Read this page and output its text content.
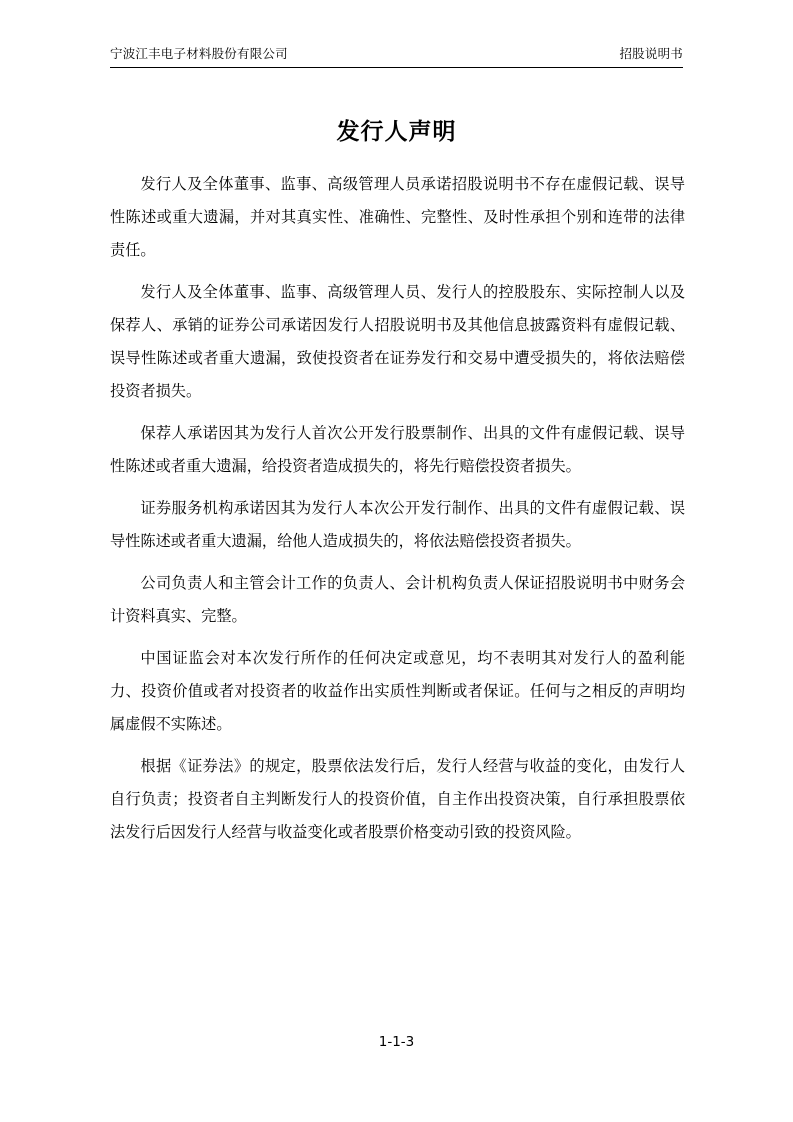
宁波江丰电子材料股份有限公司	招股说明书
发行人声明

发行人及全体董事、监事、高级管理人员承诺招股说明书不存在虚假记载、误导性陈述或重大遗漏，并对其真实性、准确性、完整性、及时性承担个别和连带的法律责任。

发行人及全体董事、监事、高级管理人员、发行人的控股股东、实际控制人以及保荐人、承销的证券公司承诺因发行人招股说明书及其他信息披露资料有虚假记载、误导性陈述或者重大遗漏，致使投资者在证券发行和交易中遭受损失的，将依法赔偿投资者损失。

保荐人承诺因其为发行人首次公开发行股票制作、出具的文件有虚假记载、误导性陈述或者重大遗漏，给投资者造成损失的，将先行赔偿投资者损失。

证券服务机构承诺因其为发行人本次公开发行制作、出具的文件有虚假记载、误导性陈述或者重大遗漏，给他人造成损失的，将依法赔偿投资者损失。

公司负责人和主管会计工作的负责人、会计机构负责人保证招股说明书中财务会计资料真实、完整。

中国证监会对本次发行所作的任何决定或意见，均不表明其对发行人的盈利能力、投资价值或者对投资者的收益作出实质性判断或者保证。任何与之相反的声明均属虚假不实陈述。

根据《证券法》的规定，股票依法发行后，发行人经营与收益的变化，由发行人自行负责；投资者自主判断发行人的投资价值，自主作出投资决策，自行承担股票依法发行后因发行人经营与收益变化或者股票价格变动引致的投资风险。

1-1-3
